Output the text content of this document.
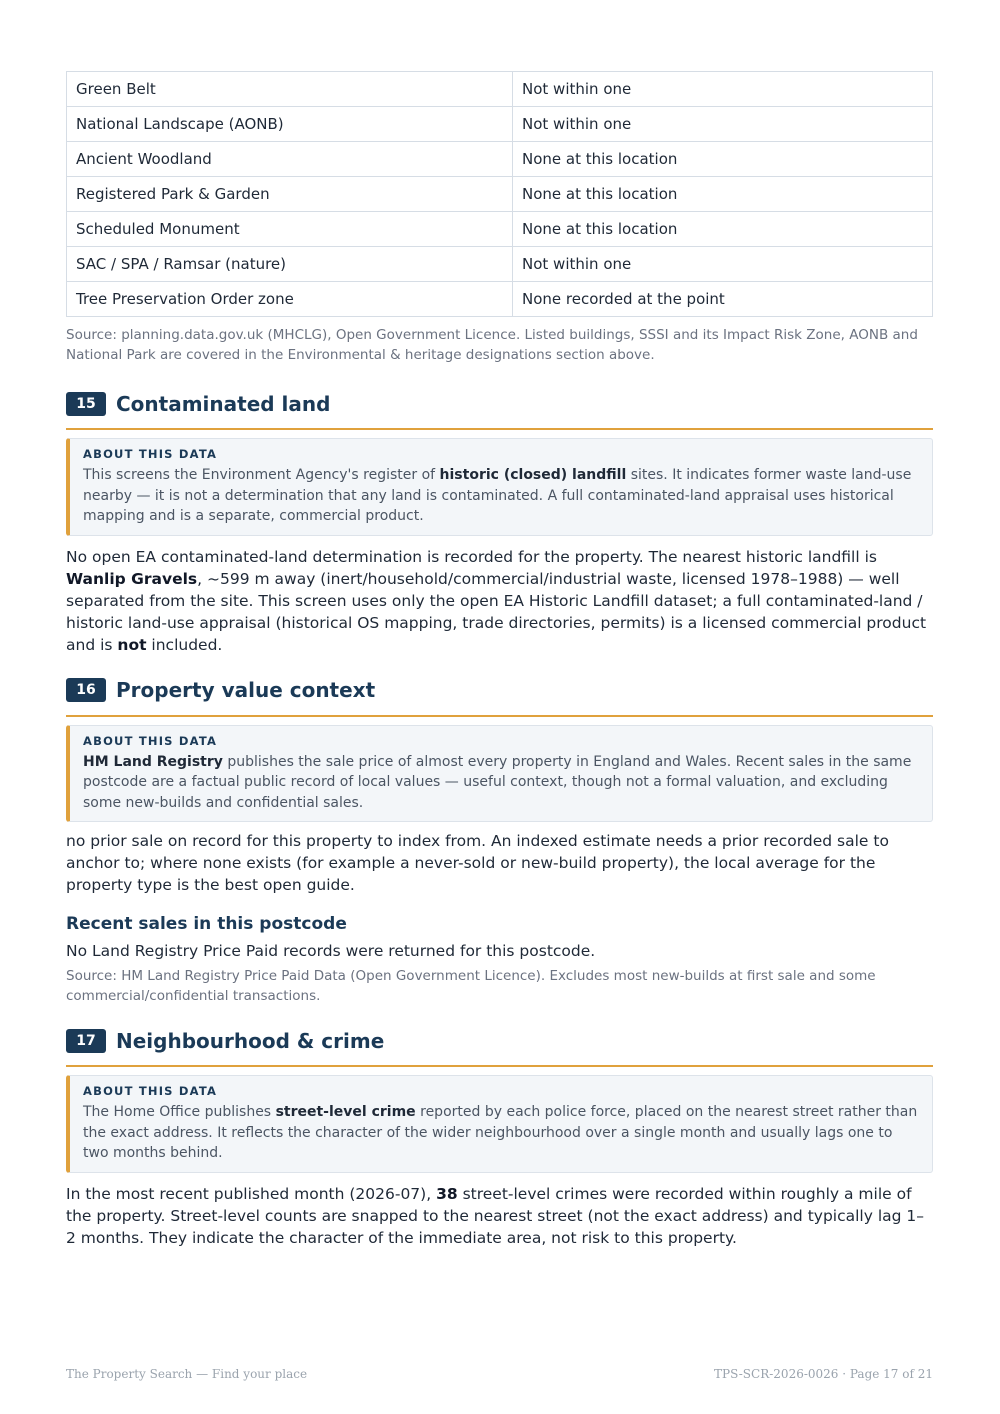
Green Belt	Not within one
National Landscape (AONB)	Not within one
Ancient Woodland	None at this location
Registered Park & Garden	None at this location
Scheduled Monument	None at this location
SAC / SPA / Ramsar (nature)	Not within one
Tree Preservation Order zone	None recorded at the point
Source: planning.data.gov.uk (MHCLG), Open Government Licence. Listed buildings, SSSI and its Impact Risk Zone, AONB and National Park are covered in the Environmental & heritage designations section above.
15	Contaminated land
ABOUT THIS DATA
This screens the Environment Agency's register of historic (closed) landfill sites. It indicates former waste land-use nearby — it is not a determination that any land is contaminated. A full contaminated-land appraisal uses historical mapping and is a separate, commercial product.
No open EA contaminated-land determination is recorded for the property. The nearest historic landfill is Wanlip Gravels, ~599 m away (inert/household/commercial/industrial waste, licensed 1978–1988) — well separated from the site. This screen uses only the open EA Historic Landfill dataset; a full contaminated-land / historic land-use appraisal (historical OS mapping, trade directories, permits) is a licensed commercial product and is not included.
16	Property value context
ABOUT THIS DATA
HM Land Registry publishes the sale price of almost every property in England and Wales. Recent sales in the same postcode are a factual public record of local values — useful context, though not a formal valuation, and excluding some new-builds and confidential sales.
no prior sale on record for this property to index from. An indexed estimate needs a prior recorded sale to anchor to; where none exists (for example a never-sold or new-build property), the local average for the property type is the best open guide.
Recent sales in this postcode
No Land Registry Price Paid records were returned for this postcode.
Source: HM Land Registry Price Paid Data (Open Government Licence). Excludes most new-builds at first sale and some commercial/confidential transactions.
17	Neighbourhood & crime
ABOUT THIS DATA
The Home Office publishes street-level crime reported by each police force, placed on the nearest street rather than the exact address. It reflects the character of the wider neighbourhood over a single month and usually lags one to two months behind.
In the most recent published month (2026-07), 38 street-level crimes were recorded within roughly a mile of the property. Street-level counts are snapped to the nearest street (not the exact address) and typically lag 1–2 months. They indicate the character of the immediate area, not risk to this property.
The Property Search — Find your place	TPS-SCR-2026-0026 · Page 17 of 21
